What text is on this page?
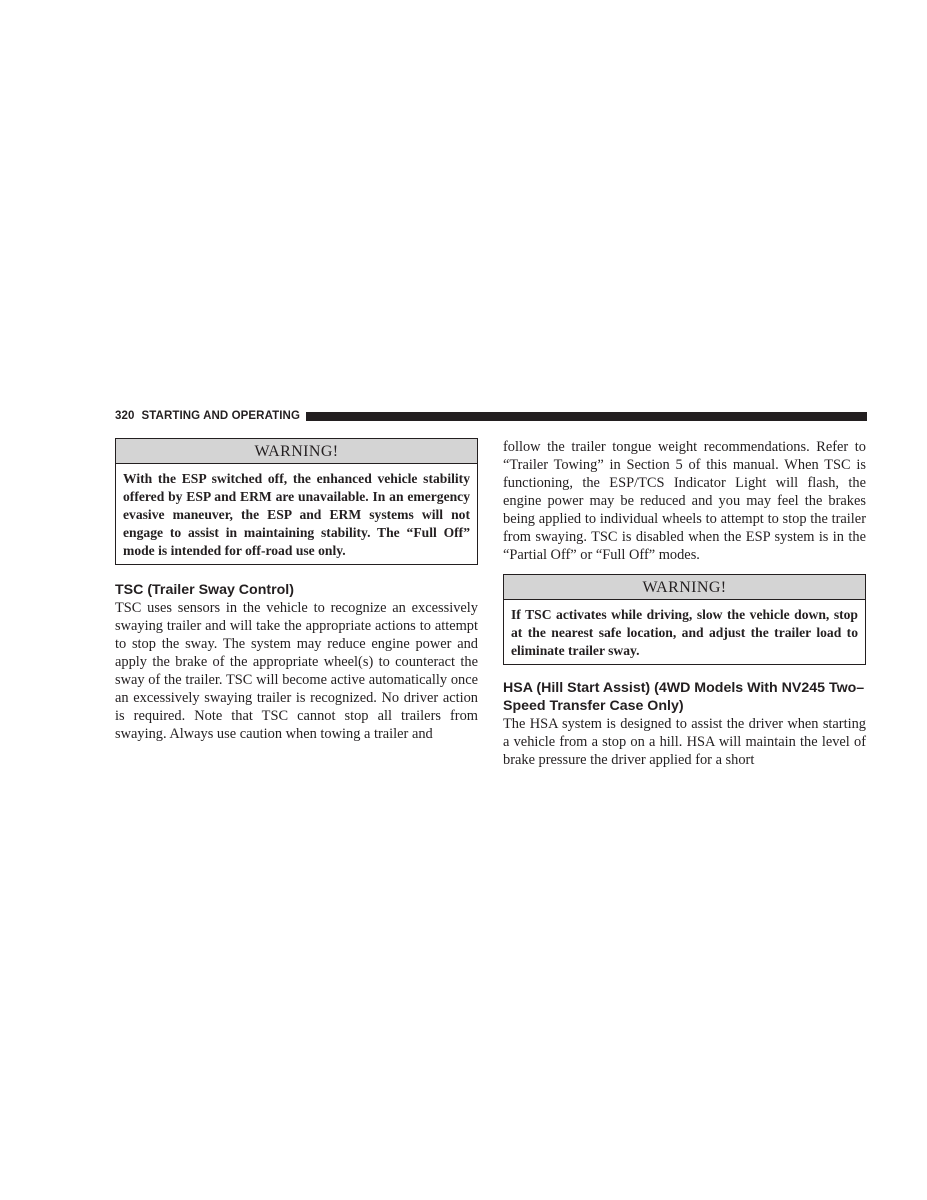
320 STARTING AND OPERATING
WARNING!
With the ESP switched off, the enhanced vehicle stability offered by ESP and ERM are unavailable. In an emergency evasive maneuver, the ESP and ERM systems will not engage to assist in maintaining stability. The “Full Off” mode is intended for off-road use only.
TSC (Trailer Sway Control)
TSC uses sensors in the vehicle to recognize an excessively swaying trailer and will take the appropriate actions to attempt to stop the sway. The system may reduce engine power and apply the brake of the appropriate wheel(s) to counteract the sway of the trailer. TSC will become active automatically once an excessively swaying trailer is recognized. No driver action is required. Note that TSC cannot stop all trailers from swaying. Always use caution when towing a trailer and
follow the trailer tongue weight recommendations. Refer to “Trailer Towing” in Section 5 of this manual. When TSC is functioning, the ESP/TCS Indicator Light will flash, the engine power may be reduced and you may feel the brakes being applied to individual wheels to attempt to stop the trailer from swaying. TSC is disabled when the ESP system is in the “Partial Off” or “Full Off” modes.
WARNING!
If TSC activates while driving, slow the vehicle down, stop at the nearest safe location, and adjust the trailer load to eliminate trailer sway.
HSA (Hill Start Assist) (4WD Models With NV245 Two–Speed Transfer Case Only)
The HSA system is designed to assist the driver when starting a vehicle from a stop on a hill. HSA will maintain the level of brake pressure the driver applied for a short
